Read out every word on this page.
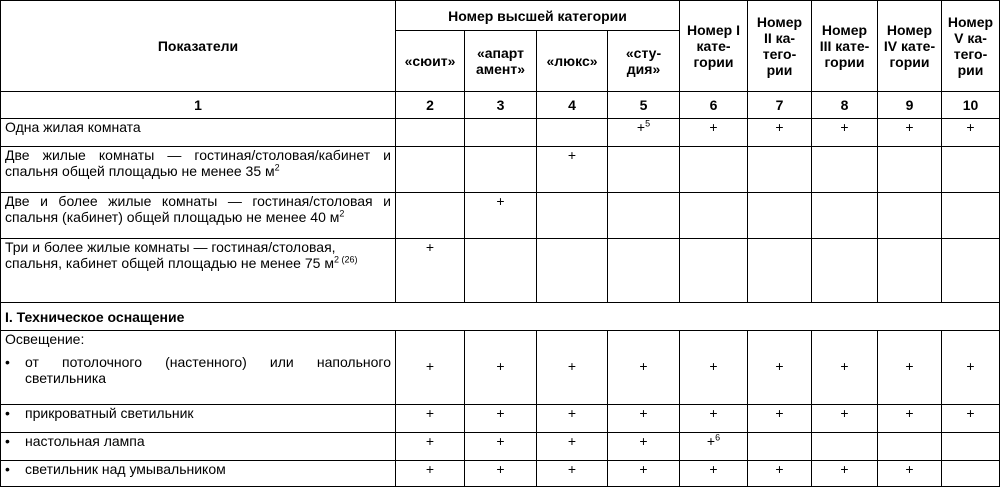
Показатели	Номер высшей категории				Номер I кате- гории	Номер II ка- тего- рии	Номер III кате- гории	Номер IV кате- гории	Номер V ка- тего- рии
	«сюит»	«апарт амент»	«люкс»	«сту- дия»					
1	2	3	4	5	6	7	8	9	10
Одна жилая комната				+$^5$	+	+	+	+	+
Две жилые комнаты — гостиная/столовая/кабинет и спальня общей площадью не менее 35 $м^2$			+						
Две и более жилые комнаты — гостиная/столовая и спальня (кабинет) общей площадью не менее 40 $м^2$		+							
Три и более жилые комнаты — гостиная/столовая, спальня, кабинет общей площадью не менее 75 $м^{2 (26)}$	+								
I. Техническое оснащение									

Освещение:
• от потолочного (настенного) или напольного светильника	+	+	+	+	+	+	+	+	+
• прикроватный светильник	+	+	+	+	+	+	+	+	+
• настольная лампа	+	+	+	+	+$^6$				
• светильник над умывальником	+	+	+	+	+	+	+	+	
